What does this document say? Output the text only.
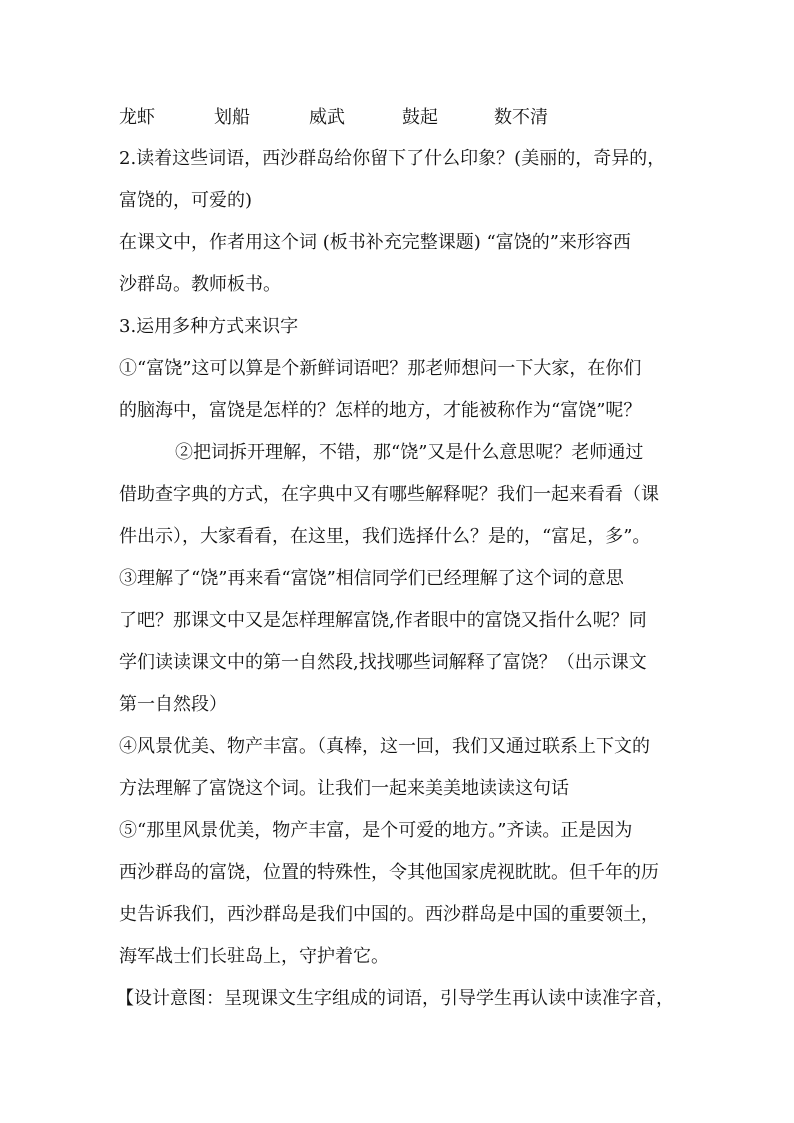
龙虾	划船	威武	鼓起	数不清
2.读着这些词语，西沙群岛给你留下了什么印象？(美丽的，奇异的，
富饶的，可爱的)
在课文中，作者用这个词 (板书补充完整课题) “富饶的”来形容西
沙群岛。教师板书。
3.运用多种方式来识字
①“富饶”这可以算是个新鲜词语吧？那老师想问一下大家，在你们
的脑海中，富饶是怎样的？怎样的地方，才能被称作为“富饶”呢？
②把词拆开理解，不错，那“饶”又是什么意思呢？老师通过
借助查字典的方式，在字典中又有哪些解释呢？我们一起来看看（课
件出示），大家看看，在这里，我们选择什么？是的，“富足，多”。
③理解了“饶”再来看“富饶”相信同学们已经理解了这个词的意思
了吧？那课文中又是怎样理解富饶,作者眼中的富饶又指什么呢？同
学们读读课文中的第一自然段,找找哪些词解释了富饶？（出示课文
第一自然段）
④风景优美、物产丰富。（真棒，这一回，我们又通过联系上下文的
方法理解了富饶这个词。让我们一起来美美地读读这句话
⑤“那里风景优美，物产丰富，是个可爱的地方。”齐读。正是因为
西沙群岛的富饶，位置的特殊性，令其他国家虎视眈眈。但千年的历
史告诉我们，西沙群岛是我们中国的。西沙群岛是中国的重要领土，
海军战士们长驻岛上，守护着它。
【设计意图：呈现课文生字组成的词语，引导学生再认读中读准字音，
